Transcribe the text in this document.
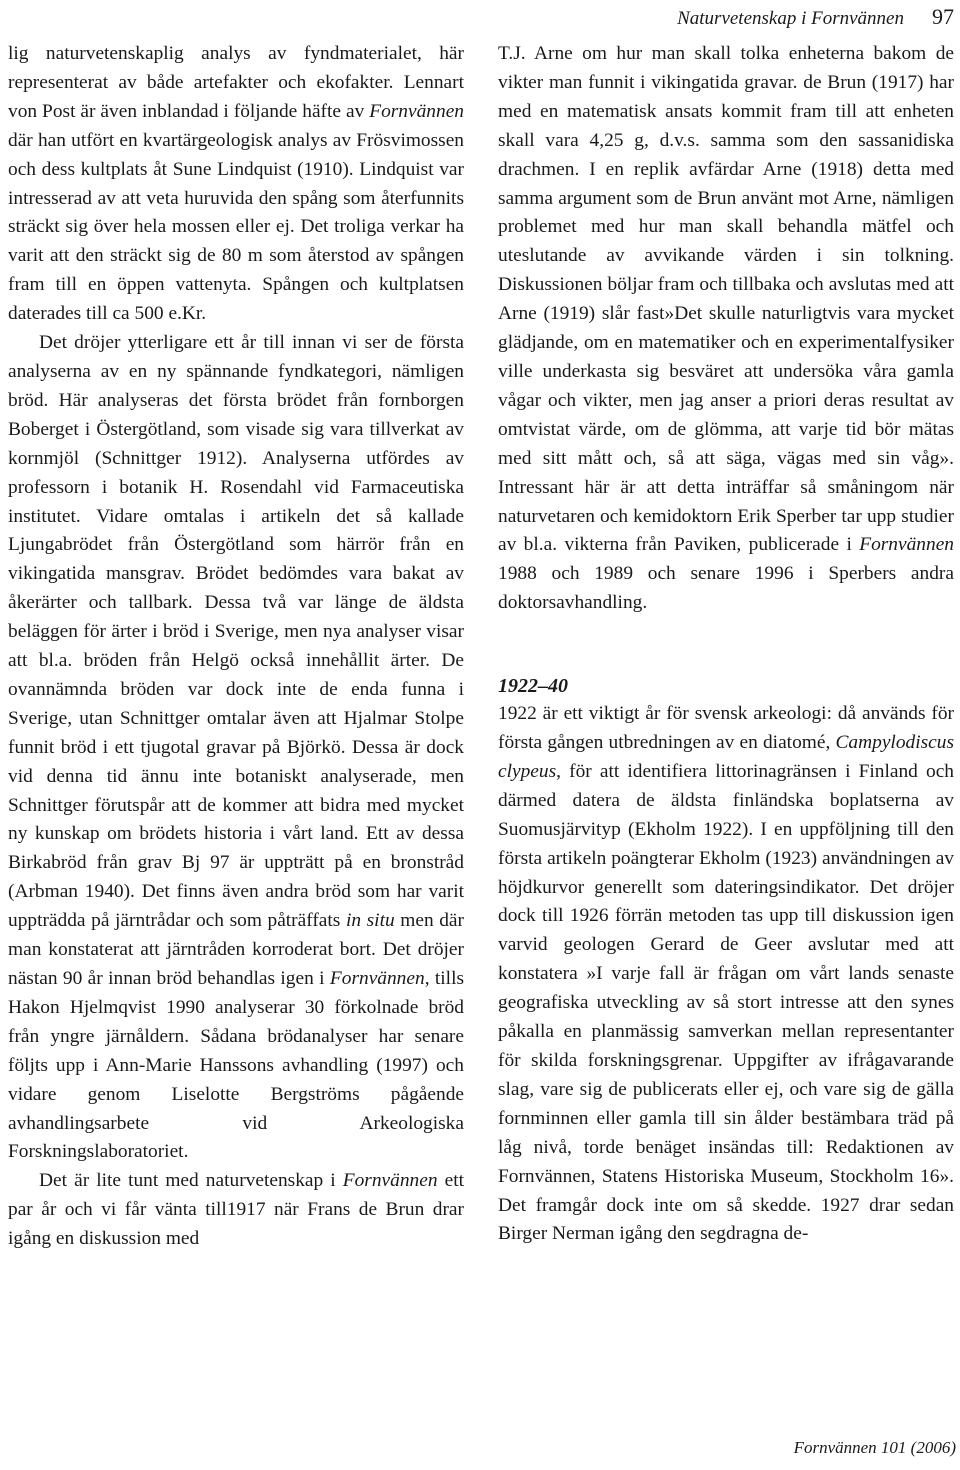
Naturvetenskap i Fornvännen 97

lig naturvetenskaplig analys av fyndmaterialet, här representerat av både artefakter och ekofakter. Lennart von Post är även inblandad i följande häfte av Fornvännen där han utfört en kvartärgeologisk analys av Frösvimossen och dess kultplats åt Sune Lindquist (1910). Lindquist var intresserad av att veta huruvida den spång som återfunnits sträckt sig över hela mossen eller ej. Det troliga verkar ha varit att den sträckt sig de 80 m som återstod av spången fram till en öppen vattenyta. Spången och kultplatsen daterades till ca 500 e.Kr.

Det dröjer ytterligare ett år till innan vi ser de första analyserna av en ny spännande fyndkategori, nämligen bröd. Här analyseras det första brödet från fornborgen Boberget i Östergötland, som visade sig vara tillverkat av kornmjöl (Schnittger 1912). Analyserna utfördes av professorn i botanik H. Rosendahl vid Farmaceutiska institutet. Vidare omtalas i artikeln det så kallade Ljungabrödet från Östergötland som härrör från en vikingatida mansgrav. Brödet bedömdes vara bakat av åkerärter och tallbark. Dessa två var länge de äldsta beläggen för ärter i bröd i Sverige, men nya analyser visar att bl.a. bröden från Helgö också innehållit ärter. De ovannämnda bröden var dock inte de enda funna i Sverige, utan Schnittger omtalar även att Hjalmar Stolpe funnit bröd i ett tjugotal gravar på Björkö. Dessa är dock vid denna tid ännu inte botaniskt analyserade, men Schnittger förutspår att de kommer att bidra med mycket ny kunskap om brödets historia i vårt land. Ett av dessa Birkabröd från grav Bj 97 är uppträtt på en bronstråd (Arbman 1940). Det finns även andra bröd som har varit uppträdda på järntrådar och som påträffats in situ men där man konstaterat att järntråden korroderat bort. Det dröjer nästan 90 år innan bröd behandlas igen i Fornvännen, tills Hakon Hjelmqvist 1990 analyserar 30 förkolnade bröd från yngre järnåldern. Sådana brödanalyser har senare följts upp i Ann-Marie Hanssons avhandling (1997) och vidare genom Liselotte Bergströms pågående avhandlingsarbete vid Arkeologiska Forskningslaboratoriet.

Det är lite tunt med naturvetenskap i Fornvännen ett par år och vi får vänta till1917 när Frans de Brun drar igång en diskussion med

T.J. Arne om hur man skall tolka enheterna bakom de vikter man funnit i vikingatida gravar. de Brun (1917) har med en matematisk ansats kommit fram till att enheten skall vara 4,25 g, d.v.s. samma som den sassanidiska drachmen. I en replik avfärdar Arne (1918) detta med samma argument som de Brun använt mot Arne, nämligen problemet med hur man skall behandla mätfel och uteslutande av avvikande värden i sin tolkning. Diskussionen böljar fram och tillbaka och avslutas med att Arne (1919) slår fast»Det skulle naturligtvis vara mycket glädjande, om en matematiker och en experimentalfysiker ville underkasta sig besväret att undersöka våra gamla vågar och vikter, men jag anser a priori deras resultat av omtvistat värde, om de glömma, att varje tid bör mätas med sitt mått och, så att säga, vägas med sin våg». Intressant här är att detta inträffar så småningom när naturvetaren och kemidoktorn Erik Sperber tar upp studier av bl.a. vikterna från Paviken, publicerade i Fornvännen 1988 och 1989 och senare 1996 i Sperbers andra doktorsavhandling.

1922–40

1922 är ett viktigt år för svensk arkeologi: då används för första gången utbredningen av en diatomé, Campylodiscus clypeus, för att identifiera littorinagränsen i Finland och därmed datera de äldsta finländska boplatserna av Suomusjärvityp (Ekholm 1922). I en uppföljning till den första artikeln poängterar Ekholm (1923) användningen av höjdkurvor generellt som dateringsindikator. Det dröjer dock till 1926 förrän metoden tas upp till diskussion igen varvid geologen Gerard de Geer avslutar med att konstatera »I varje fall är frågan om vårt lands senaste geografiska utveckling av så stort intresse att den synes påkalla en planmässig samverkan mellan representanter för skilda forskningsgrenar. Uppgifter av ifrågavarande slag, vare sig de publicerats eller ej, och vare sig de gälla fornminnen eller gamla till sin ålder bestämbara träd på låg nivå, torde benäget insändas till: Redaktionen av Fornvännen, Statens Historiska Museum, Stockholm 16». Det framgår dock inte om så skedde. 1927 drar sedan Birger Nerman igång den segdragna de-

Fornvännen 101 (2006)
